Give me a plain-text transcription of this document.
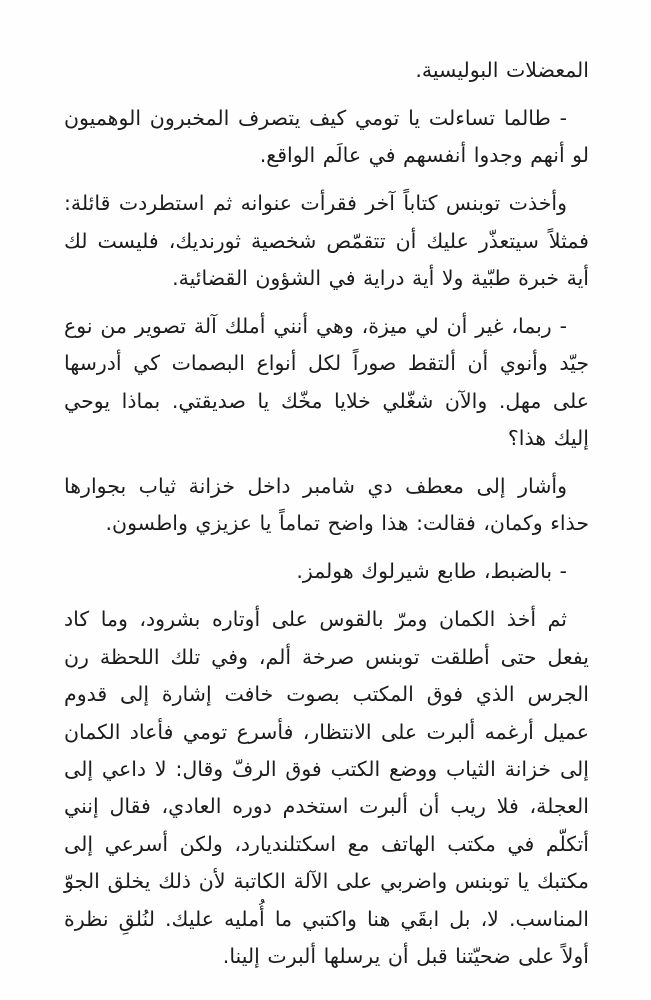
المعضلات البوليسية.

- طالما تساءلت يا تومي كيف يتصرف المخبرون الوهميون لو أنهم وجدوا أنفسهم في عالَم الواقع.

وأخذت توبنس كتاباً آخر فقرأت عنوانه ثم استطردت قائلة: فمثلاً سيتعذّر عليك أن تتقمّص شخصية ثورنديك، فليست لك أية خبرة طبّية ولا أية دراية في الشؤون القضائية.

- ربما، غير أن لي ميزة، وهي أنني أملك آلة تصوير من نوع جيّد وأنوي أن ألتقط صوراً لكل أنواع البصمات كي أدرسها على مهل. والآن شغّلي خلايا مخّك يا صديقتي. بماذا يوحي إليك هذا؟

وأشار إلى معطف دي شامبر داخل خزانة ثياب بجوارها حذاء وكمان، فقالت: هذا واضح تماماً يا عزيزي واطسون.

- بالضبط، طابع شيرلوك هولمز.

ثم أخذ الكمان ومرّ بالقوس على أوتاره بشرود، وما كاد يفعل حتى أطلقت توبنس صرخة ألم، وفي تلك اللحظة رن الجرس الذي فوق المكتب بصوت خافت إشارة إلى قدوم عميل أرغمه ألبرت على الانتظار، فأسرع تومي فأعاد الكمان إلى خزانة الثياب ووضع الكتب فوق الرفّ وقال: لا داعي إلى العجلة، فلا ريب أن ألبرت استخدم دوره العادي، فقال إنني أتكلّم في مكتب الهاتف مع اسكتلنديارد، ولكن أسرعي إلى مكتبك يا توبنس واضربي على الآلة الكاتبة لأن ذلك يخلق الجوّ المناسب. لا، بل ابقَي هنا واكتبي ما أُمليه عليك. لنُلقِ نظرة أولاً على ضحيّتنا قبل أن يرسلها ألبرت إلينا.
